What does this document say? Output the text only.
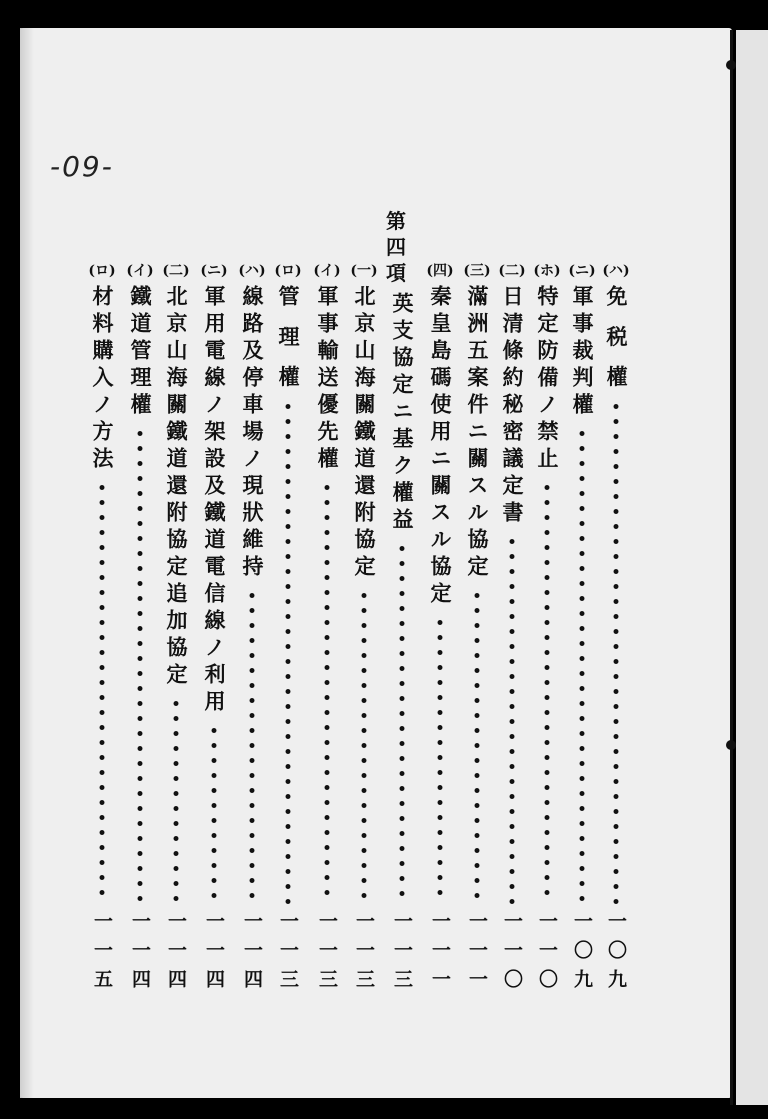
-09-
(ハ)
免 税 權
一〇九
(ニ)
軍事裁判權
一〇九
(ホ)
特定防備ノ禁止
一一〇
(二)
日清條約秘密議定書
一一〇
(三)
滿洲五案件ニ關スル協定
一一一
(四)
秦皇島碼使用ニ關スル協定
一一一
第四項
英支協定ニ基ク權益
一一三
(一)
北京山海關鐵道還附協定
一一三
(イ)
軍事輸送優先權
一一三
(ロ)
管 理 權
一一三
(ハ)
線路及停車場ノ現狀維持
一一四
(ニ)
軍用電線ノ架設及鐵道電信線ノ利用
一一四
(二)
北京山海關鐵道還附協定追加協定
一一四
(イ)
鐵道管理權
一一四
(ロ)
材料購入ノ方法
一一五
